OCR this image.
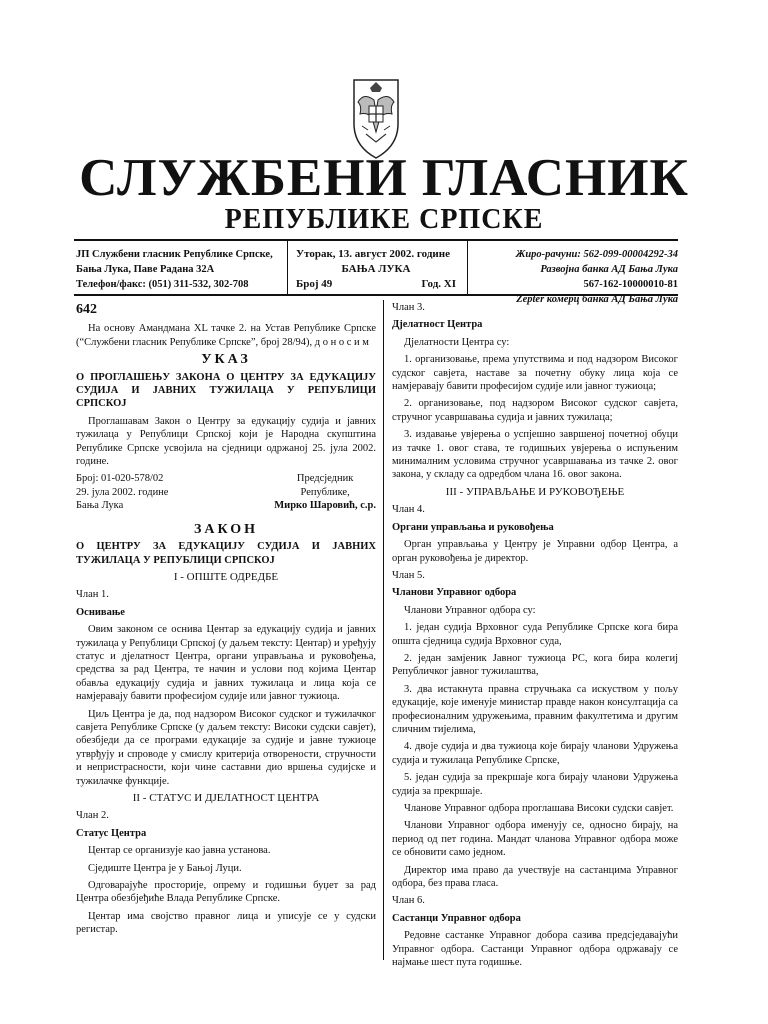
СЛУЖБЕНИ ГЛАСНИК
РЕПУБЛИКЕ СРПСКЕ
ЈП Службени гласник Републике Српске,
Бања Лука, Паве Радана 32А
Телефон/факс: (051) 311-532, 302-708
Уторак, 13. август 2002. године
БАЊА ЛУКА
Број 49	Год. XI
Жиро-рачуни: 562-099-00004292-34
Развојна банка АД Бања Лука
567-162-10000010-81
Zepter комерц банка АД Бања Лука
642

На основу Амандмана XL тачке 2. на Устав Републике Српске (“Службени гласник Републике Српске”, број 28/94), д о н о с и м

УКАЗ

О ПРОГЛАШЕЊУ ЗАКОНА О ЦЕНТРУ ЗА ЕДУКАЦИЈУ СУДИЈА И ЈАВНИХ ТУЖИЛАЦА У РЕПУБЛИЦИ СРПСКОЈ

Проглашавам Закон о Центру за едукацију судија и јавних тужилаца у Републици Српској који је Народна скупштина Републике Српске усвојила на сједници одржаној 25. јула 2002. године.

Број: 01-020-578/02
29. јула 2002. године
Бања Лука
Предсједник
Републике,
Мирко Шаровић, с.р.
ЗАКОН

О ЦЕНТРУ ЗА ЕДУКАЦИЈУ СУДИЈА И ЈАВНИХ ТУЖИЛАЦА У РЕПУБЛИЦИ СРПСКОЈ

I - ОПШТЕ ОДРЕДБЕ

Члан 1.

Оснивање

Овим законом се оснива Центар за едукацију судија и јавних тужилаца у Републици Српској (у даљем тексту: Центар) и уређују статус и дјелатност Центра, органи управљања и руковођења, средства за рад Центра, те начин и услови под којима Центар обавља едукацију судија и јавних тужилаца и лица која се намјеравају бавити професијом судије или јавног тужиоца.

Циљ Центра је да, под надзором Високог судског и тужилачког савјета Републике Српске (у даљем тексту: Високи судски савјет), обезбједи да се програми едукације за судије и јавне тужиоце утврђују и спроводе у смислу критерија отворености, стручности и непристрасности, који чине саставни дио вршења судијске и тужилачке функције.

II - СТАТУС И ДЈЕЛАТНОСТ ЦЕНТРА

Члан 2.

Статус Центра

Центар се организује као јавна установа.

Сједиште Центра је у Бањој Луци.

Одговарајуће просторије, опрему и годишњи буџет за рад Центра обезбјеђиће Влада Републике Српске.

Центар има својство правног лица и уписује се у судски регистар.

Члан 3.

Дјелатност Центра

Дјелатности Центра су:

1. организовање, према упутствима и под надзором Високог судског савјета, наставе за почетну обуку лица која се намјеравају бавити професијом судије или јавног тужиоца;

2. организовање, под надзором Високог судског савјета, стручног усавршавања судија и јавних тужилаца;

3. издавање увјерења о успјешно завршеној почетној обуци из тачке 1. овог става, те годишњих увјерења о испуњеним минималним условима стручног усавршавања из тачке 2. овог закона, у складу са одредбом члана 16. овог закона.

III - УПРАВЉАЊЕ И РУКОВОЂЕЊЕ

Члан 4.

Органи управљања и руковођења

Орган управљања у Центру је Управни одбор Центра, а орган руковођења је директор.

Члан 5.

Чланови Управног одбора

Чланови Управног одбора су:

1. један судија Врховног суда Републике Српске кога бира општа сједница судија Врховног суда,

2. један замјеник Јавног тужиоца РС, кога бира колегиј Републичког јавног тужилаштва,

3. два истакнута правна стручњака са искуством у пољу едукације, које именује министар правде након консултација са професионалним удружењима, правним факултетима и другим сличним тијелима,

4. двоје судија и два тужиоца које бирају чланови Удружења судија и тужилаца Републике Српске,

5. један судија за прекршаје кога бирају чланови Удружења судија за прекршаје.

Чланове Управног одбора проглашава Високи судски савјет.

Чланови Управног одбора именују се, односно бирају, на период од пет година. Мандат чланова Управног одбора може се обновити само једном.

Директор има право да учествује на састанцима Управног одбора, без права гласа.

Члан 6.

Састанци Управног одбора

Редовне састанке Управног добора сазива предсједавајући Управног одбора. Састанци Управног одбора одржавају се најмање шест пута годишње.
